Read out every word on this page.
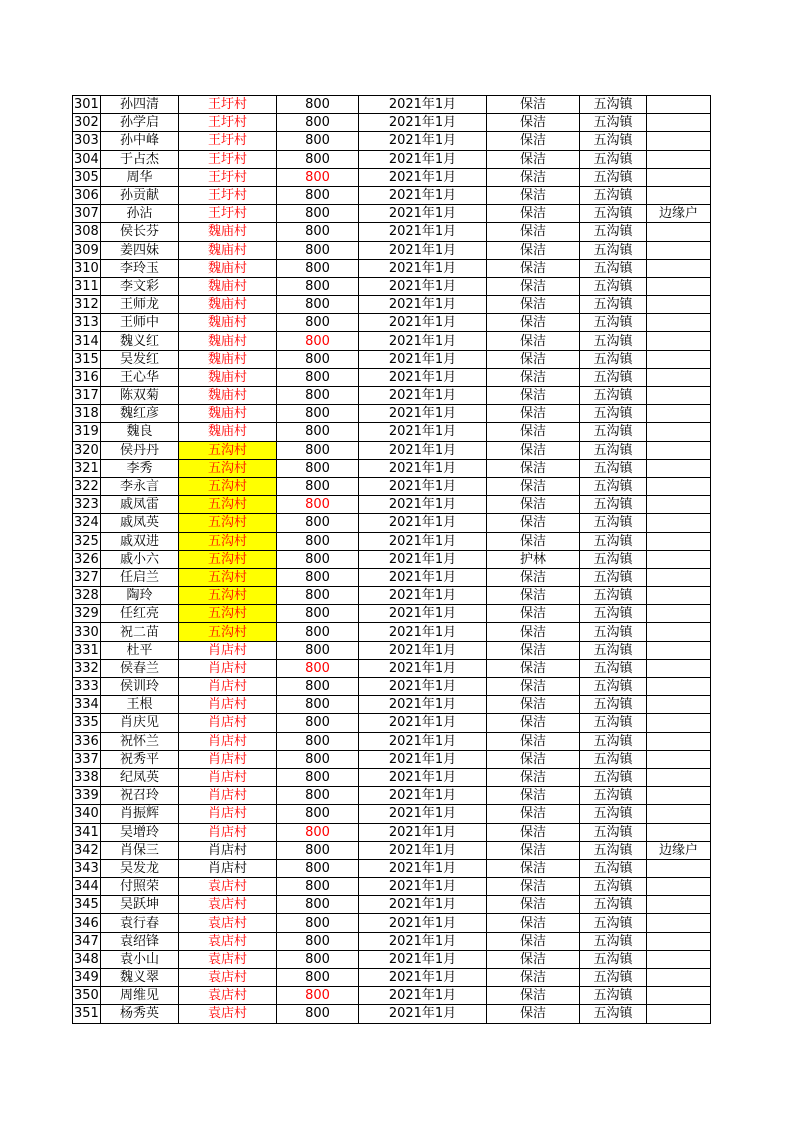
301	孙四清	王圩村	800	2021年1月	保洁	五沟镇	
302	孙学启	王圩村	800	2021年1月	保洁	五沟镇	
303	孙中峰	王圩村	800	2021年1月	保洁	五沟镇	
304	于占杰	王圩村	800	2021年1月	保洁	五沟镇	
305	周华	王圩村	800	2021年1月	保洁	五沟镇	
306	孙贡献	王圩村	800	2021年1月	保洁	五沟镇	
307	孙沾	王圩村	800	2021年1月	保洁	五沟镇	边缘户
308	侯长芬	魏庙村	800	2021年1月	保洁	五沟镇	
309	姜四妹	魏庙村	800	2021年1月	保洁	五沟镇	
310	李玲玉	魏庙村	800	2021年1月	保洁	五沟镇	
311	李文彩	魏庙村	800	2021年1月	保洁	五沟镇	
312	王师龙	魏庙村	800	2021年1月	保洁	五沟镇	
313	王师中	魏庙村	800	2021年1月	保洁	五沟镇	
314	魏义红	魏庙村	800	2021年1月	保洁	五沟镇	
315	吴发红	魏庙村	800	2021年1月	保洁	五沟镇	
316	王心华	魏庙村	800	2021年1月	保洁	五沟镇	
317	陈双菊	魏庙村	800	2021年1月	保洁	五沟镇	
318	魏红彦	魏庙村	800	2021年1月	保洁	五沟镇	
319	魏良	魏庙村	800	2021年1月	保洁	五沟镇	
320	侯丹丹	五沟村	800	2021年1月	保洁	五沟镇	
321	李秀	五沟村	800	2021年1月	保洁	五沟镇	
322	李永言	五沟村	800	2021年1月	保洁	五沟镇	
323	戚凤雷	五沟村	800	2021年1月	保洁	五沟镇	
324	戚凤英	五沟村	800	2021年1月	保洁	五沟镇	
325	戚双进	五沟村	800	2021年1月	保洁	五沟镇	
326	戚小六	五沟村	800	2021年1月	护林	五沟镇	
327	任启兰	五沟村	800	2021年1月	保洁	五沟镇	
328	陶玲	五沟村	800	2021年1月	保洁	五沟镇	
329	任红亮	五沟村	800	2021年1月	保洁	五沟镇	
330	祝二苗	五沟村	800	2021年1月	保洁	五沟镇	
331	杜平	肖店村	800	2021年1月	保洁	五沟镇	
332	侯春兰	肖店村	800	2021年1月	保洁	五沟镇	
333	侯训玲	肖店村	800	2021年1月	保洁	五沟镇	
334	王根	肖店村	800	2021年1月	保洁	五沟镇	
335	肖庆见	肖店村	800	2021年1月	保洁	五沟镇	
336	祝怀兰	肖店村	800	2021年1月	保洁	五沟镇	
337	祝秀平	肖店村	800	2021年1月	保洁	五沟镇	
338	纪凤英	肖店村	800	2021年1月	保洁	五沟镇	
339	祝召玲	肖店村	800	2021年1月	保洁	五沟镇	
340	肖振辉	肖店村	800	2021年1月	保洁	五沟镇	
341	吴增玲	肖店村	800	2021年1月	保洁	五沟镇	
342	肖保三	肖店村	800	2021年1月	保洁	五沟镇	边缘户
343	吴发龙	肖店村	800	2021年1月	保洁	五沟镇	
344	付照荣	袁店村	800	2021年1月	保洁	五沟镇	
345	吴跃坤	袁店村	800	2021年1月	保洁	五沟镇	
346	袁行春	袁店村	800	2021年1月	保洁	五沟镇	
347	袁绍锋	袁店村	800	2021年1月	保洁	五沟镇	
348	袁小山	袁店村	800	2021年1月	保洁	五沟镇	
349	魏义翠	袁店村	800	2021年1月	保洁	五沟镇	
350	周维见	袁店村	800	2021年1月	保洁	五沟镇	
351	杨秀英	袁店村	800	2021年1月	保洁	五沟镇	
